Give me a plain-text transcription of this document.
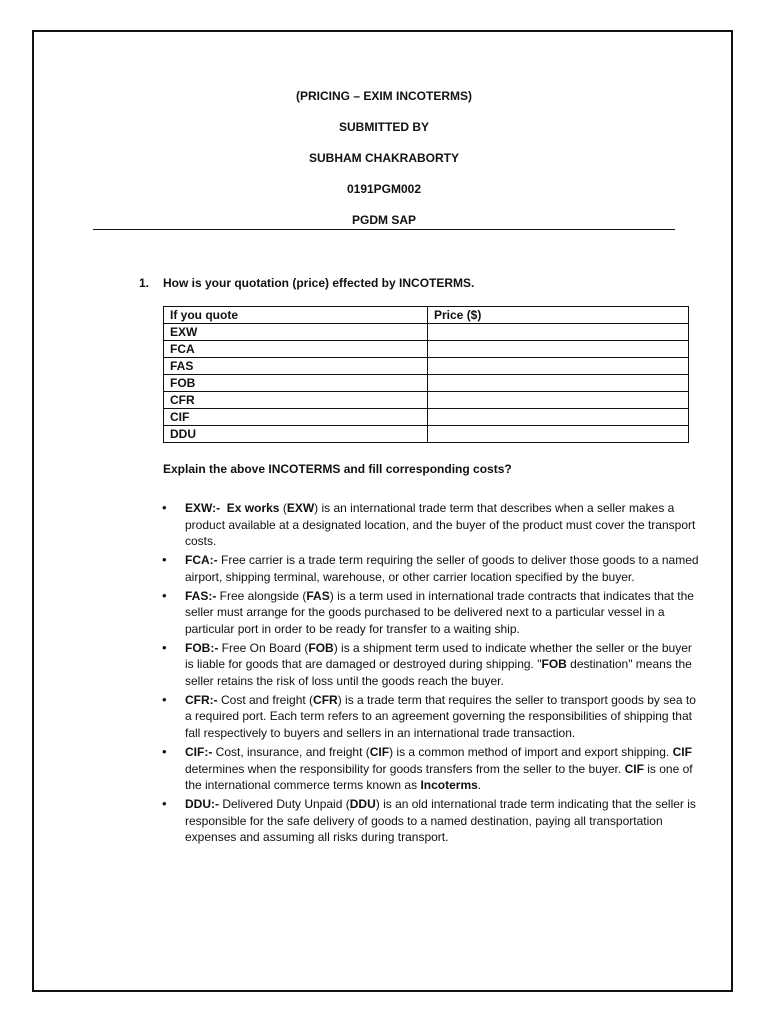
(PRICING – EXIM INCOTERMS)
SUBMITTED BY
SUBHAM CHAKRABORTY
0191PGM002
PGDM SAP
1. How is your quotation (price) effected by INCOTERMS.
If you quote	Price ($)
EXW	
FCA	
FAS	
FOB	
CFR	
CIF	
DDU	
Explain the above INCOTERMS and fill corresponding costs?
• EXW:- Ex works (EXW) is an international trade term that describes when a seller makes a product available at a designated location, and the buyer of the product must cover the transport costs.
• FCA:- Free carrier is a trade term requiring the seller of goods to deliver those goods to a named airport, shipping terminal, warehouse, or other carrier location specified by the buyer.
• FAS:- Free alongside (FAS) is a term used in international trade contracts that indicates that the seller must arrange for the goods purchased to be delivered next to a particular vessel in a particular port in order to be ready for transfer to a waiting ship.
• FOB:- Free On Board (FOB) is a shipment term used to indicate whether the seller or the buyer is liable for goods that are damaged or destroyed during shipping. "FOB destination" means the seller retains the risk of loss until the goods reach the buyer.
• CFR:- Cost and freight (CFR) is a trade term that requires the seller to transport goods by sea to a required port. Each term refers to an agreement governing the responsibilities of shipping that fall respectively to buyers and sellers in an international trade transaction.
• CIF:- Cost, insurance, and freight (CIF) is a common method of import and export shipping. CIF determines when the responsibility for goods transfers from the seller to the buyer. CIF is one of the international commerce terms known as Incoterms.
• DDU:- Delivered Duty Unpaid (DDU) is an old international trade term indicating that the seller is responsible for the safe delivery of goods to a named destination, paying all transportation expenses and assuming all risks during transport.
